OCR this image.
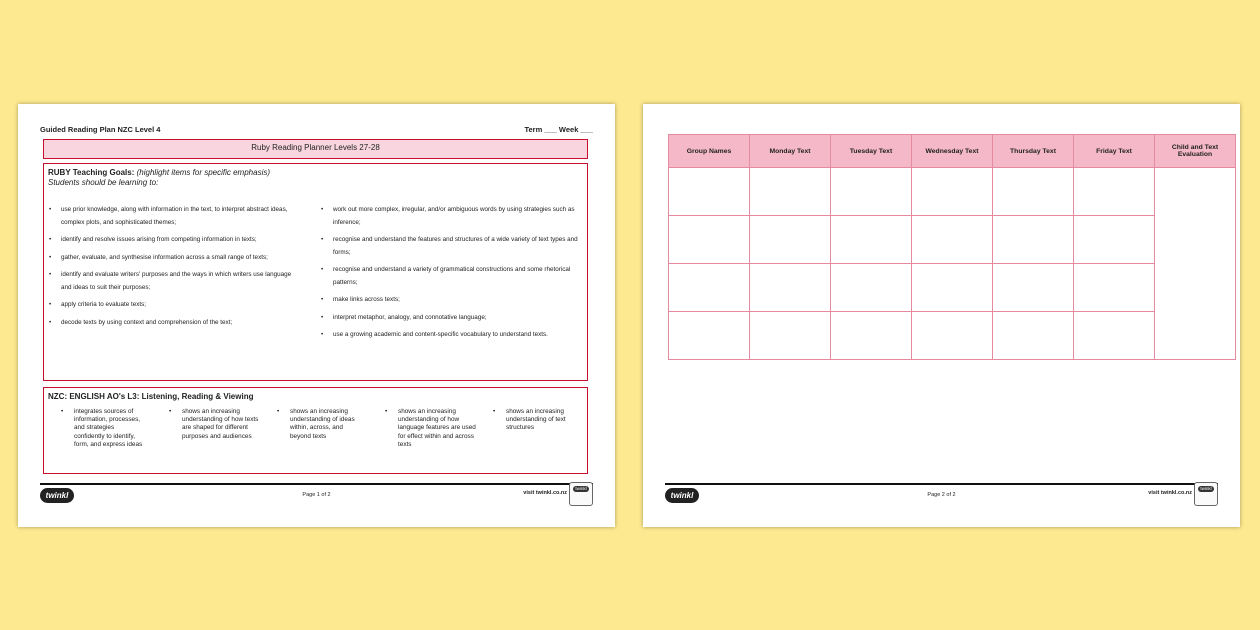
Guided Reading Plan NZC Level 4	Term ___ Week ___
Ruby Reading Planner Levels 27-28
RUBY Teaching Goals: (highlight items for specific emphasis)
Students should be learning to:
• use prior knowledge, along with information in the text, to interpret abstract ideas, complex plots, and sophisticated themes;
• identify and resolve issues arising from competing information in texts;
• gather, evaluate, and synthesise information across a small range of texts;
• identify and evaluate writers' purposes and the ways in which writers use language and ideas to suit their purposes;
• apply criteria to evaluate texts;
• decode texts by using context and comprehension of the text;
• work out more complex, irregular, and/or ambiguous words by using strategies such as inference;
• recognise and understand the features and structures of a wide variety of text types and forms;
• recognise and understand a variety of grammatical constructions and some rhetorical patterns;
• make links across texts;
• interpret metaphor, analogy, and connotative language;
• use a growing academic and content-specific vocabulary to understand texts.
NZC: ENGLISH AO's L3: Listening, Reading & Viewing
• integrates sources of information, processes, and strategies confidently to identify, form, and express ideas
• shows an increasing understanding of how texts are shaped for different purposes and audiences
• shows an increasing understanding of ideas within, across, and beyond texts
• shows an increasing understanding of how language features are used for effect within and across texts
• shows an increasing understanding of text structures
twinkl	Page 1 of 2	visit twinkl.co.nz
twinkl
Group Names	Monday Text	Tuesday Text	Wednesday Text	Thursday Text	Friday Text	Child and Text Evaluation

twinkl	Page 2 of 2	visit twinkl.co.nz
twinkl
